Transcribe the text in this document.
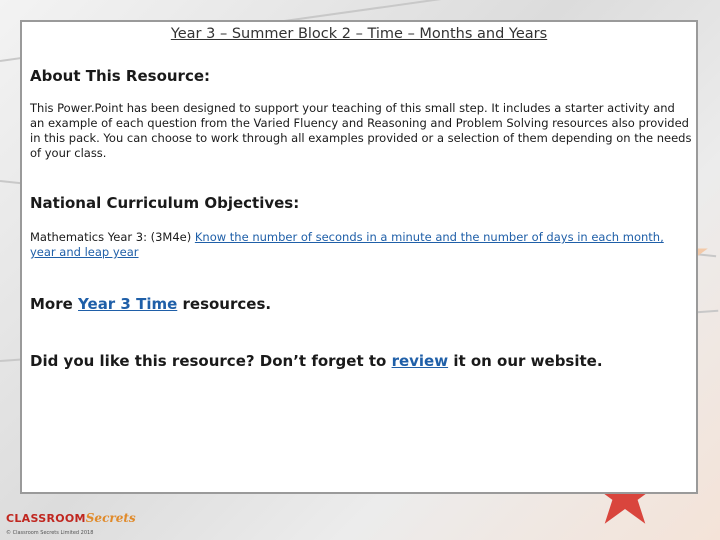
Year 3 – Summer Block 2 – Time – Months and Years
About This Resource:
This Power.Point has been designed to support your teaching of this small step. It includes a starter activity and an example of each question from the Varied Fluency and Reasoning and Problem Solving resources also provided in this pack. You can choose to work through all examples provided or a selection of them depending on the needs of your class.
National Curriculum Objectives:
Mathematics Year 3: (3M4e) Know the number of seconds in a minute and the number of days in each month, year and leap year
More Year 3 Time resources.
Did you like this resource? Don’t forget to review it on our website.
CLASSROOMSecrets
© Classroom Secrets Limited 2018
